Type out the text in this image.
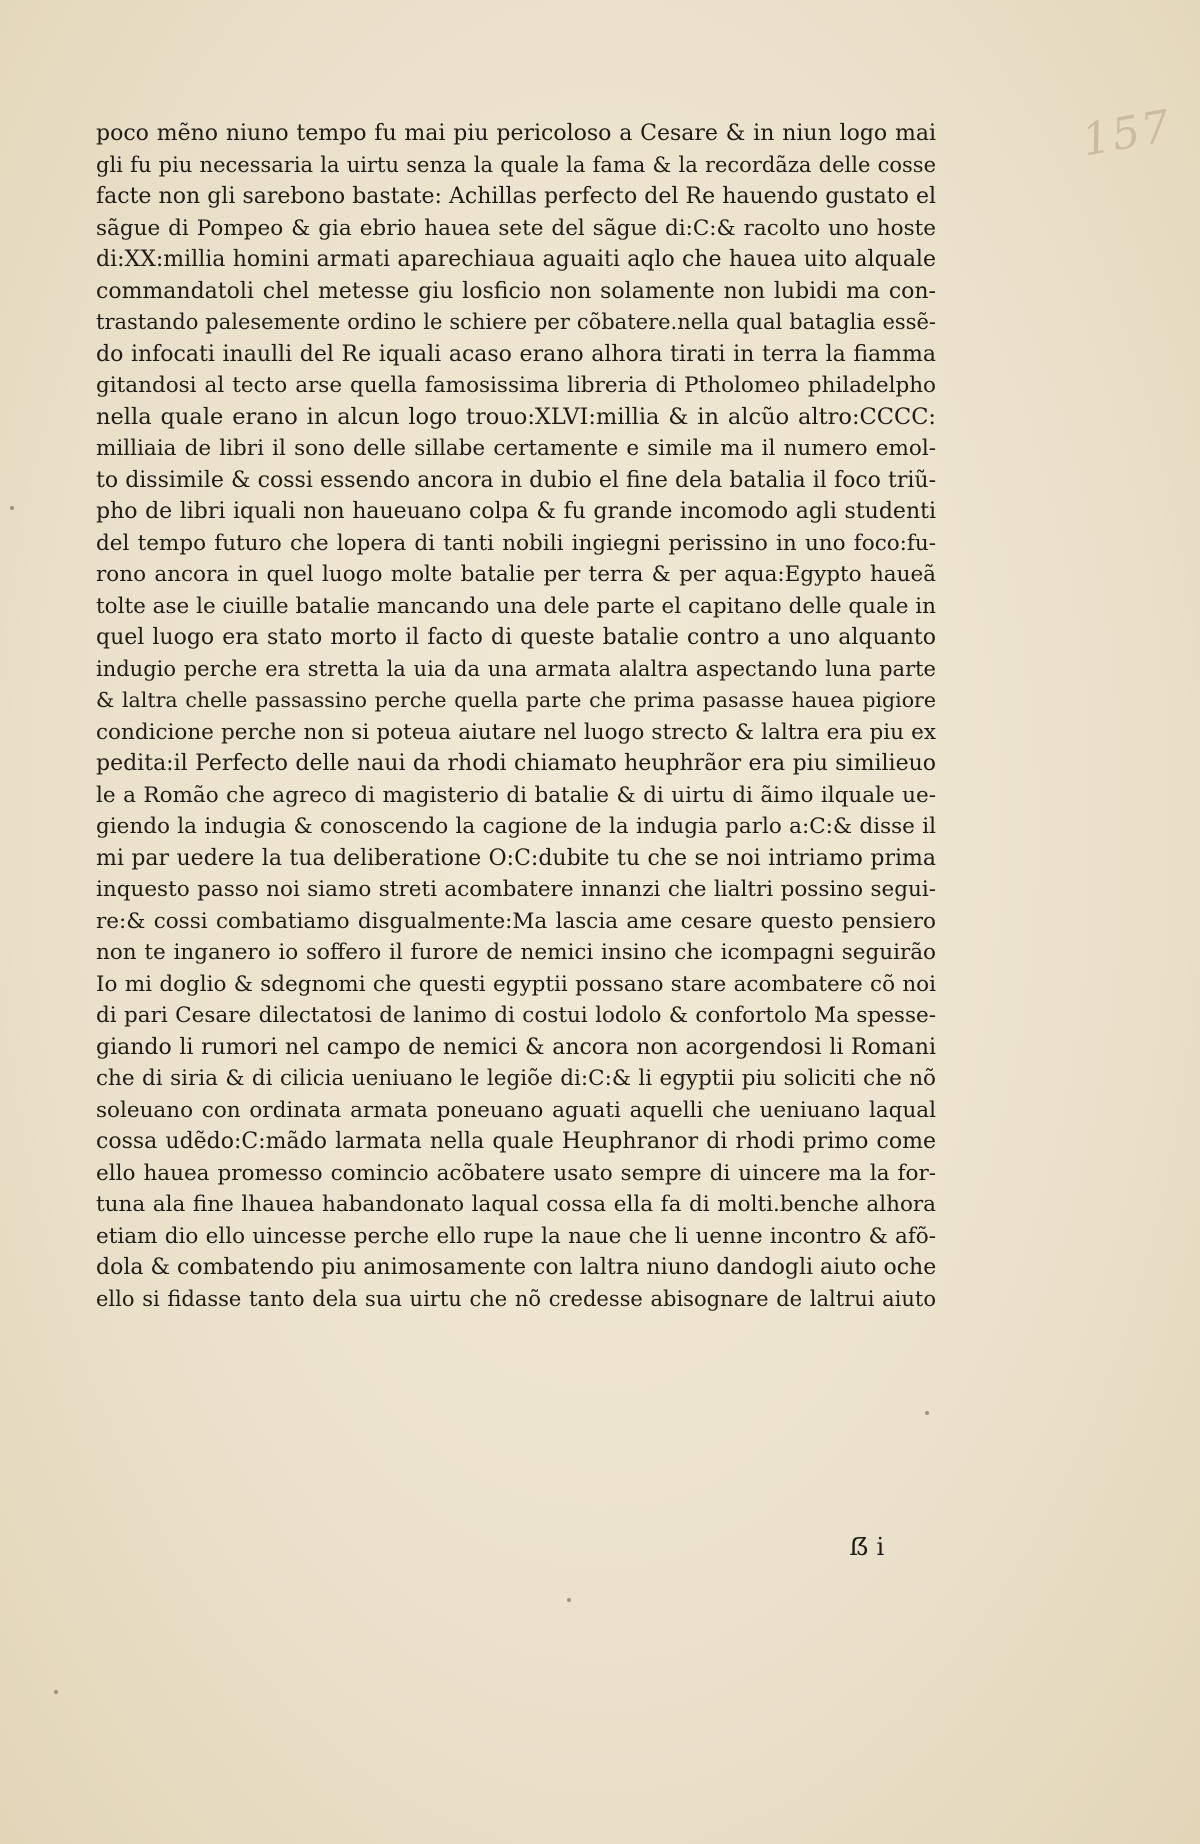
157
poco mẽno niuno tempo fu mai piu pericoloso a Cesare & in niun logo mai
gli fu piu necessaria la uirtu senza la quale la fama & la recordãza delle cosse
facte non gli sarebono bastate: Achillas perfecto del Re hauendo gustato el
sãgue di Pompeo & gia ebrio hauea sete del sãgue di:C:& racolto uno hoste
di:XX:millia homini armati aparechiaua aguaiti aqlo che hauea uito alquale
commandatoli chel metesse giu losficio non solamente non lubidi ma con-
trastando palesemente ordino le schiere per cõbatere.nella qual bataglia essẽ-
do infocati inaulli del Re iquali acaso erano alhora tirati in terra la fiamma
gitandosi al tecto arse quella famosissima libreria di Ptholomeo philadelpho
nella quale erano in alcun logo trouo:XLVI:millia & in alcũo altro:CCCC:
milliaia de libri il sono delle sillabe certamente e simile ma il numero emol-
to dissimile & cossi essendo ancora in dubio el fine dela batalia il foco triũ-
pho de libri iquali non haueuano colpa & fu grande incomodo agli studenti
del tempo futuro che lopera di tanti nobili ingiegni perissino in uno foco:fu-
rono ancora in quel luogo molte batalie per terra & per aqua:Egypto haueã
tolte ase le ciuille batalie mancando una dele parte el capitano delle quale in
quel luogo era stato morto il facto di queste batalie contro a uno alquanto
indugio perche era stretta la uia da una armata alaltra aspectando luna parte
& laltra chelle passassino perche quella parte che prima pasasse hauea pigiore
condicione perche non si poteua aiutare nel luogo strecto & laltra era piu ex
pedita:il Perfecto delle naui da rhodi chiamato heuphrãor era piu similieuo
le a Romão che agreco di magisterio di batalie & di uirtu di ãimo ilquale ue-
giendo la indugia & conoscendo la cagione de la indugia parlo a:C:& disse il
mi par uedere la tua deliberatione O:C:dubite tu che se noi intriamo prima
inquesto passo noi siamo streti acombatere innanzi che lialtri possino segui-
re:& cossi combatiamo disgualmente:Ma lascia ame cesare questo pensiero
non te inganero io soffero il furore de nemici insino che icompagni seguirão
Io mi doglio & sdegnomi che questi egyptii possano stare acombatere cõ noi
di pari Cesare dilectatosi de lanimo di costui lodolo & confortolo Ma spesse-
giando li rumori nel campo de nemici & ancora non acorgendosi li Romani
che di siria & di cilicia ueniuano le legiõe di:C:& li egyptii piu soliciti che nõ
soleuano con ordinata armata poneuano aguati aquelli che ueniuano laqual
cossa udẽdo:C:mãdo larmata nella quale Heuphranor di rhodi primo come
ello hauea promesso comincio acõbatere usato sempre di uincere ma la for-
tuna ala fine lhauea habandonato laqual cossa ella fa di molti.benche alhora
etiam dio ello uincesse perche ello rupe la naue che li uenne incontro & afõ-
dola & combatendo piu animosamente con laltra niuno dandogli aiuto oche
ello si fidasse tanto dela sua uirtu che nõ credesse abisognare de laltrui aiuto
ẞ i
